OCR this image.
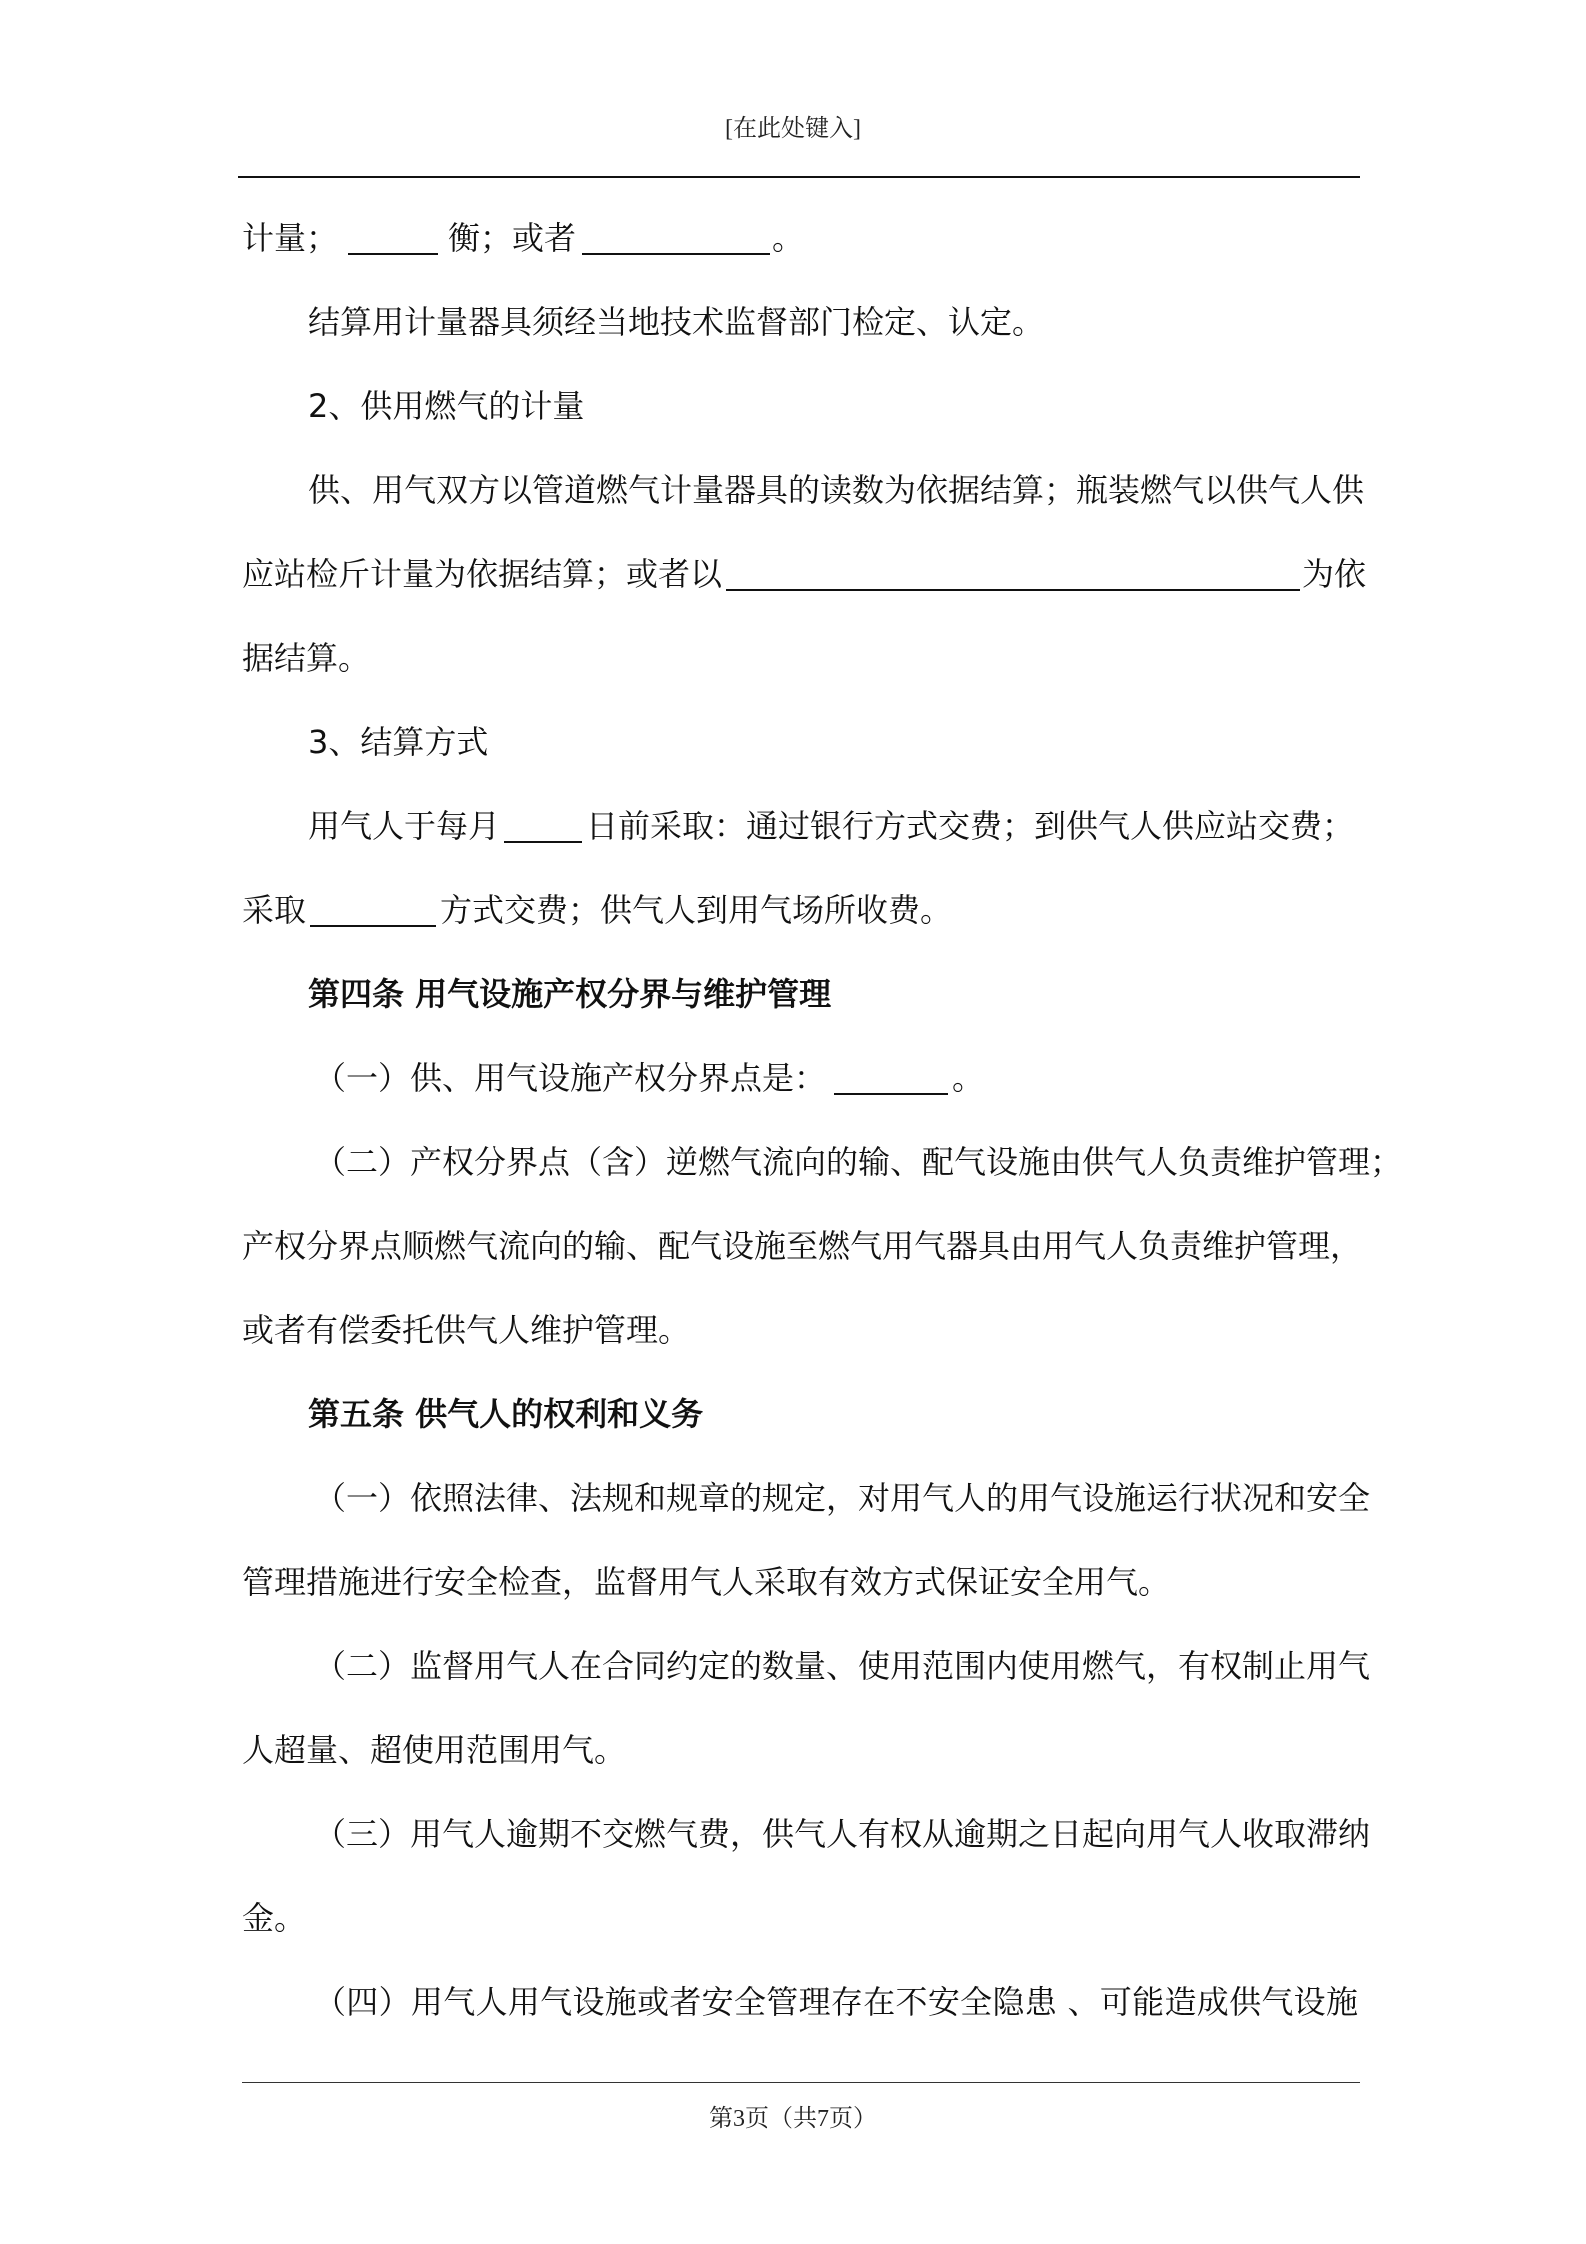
[在此处键入]

计量；	衡；或者	。

结算用计量器具须经当地技术监督部门检定、认定。

2、供用燃气的计量

供、用气双方以管道燃气计量器具的读数为依据结算；瓶装燃气以供气人供

应站检斤计量为依据结算；或者以	为依

据结算。

3、结算方式

用气人于每月	日前采取：通过银行方式交费；到供气人供应站交费；

采取	方式交费；供气人到用气场所收费。

第四条 用气设施产权分界与维护管理

（一）供、用气设施产权分界点是：	。

（二）产权分界点（含）逆燃气流向的输、配气设施由供气人负责维护管理；

产权分界点顺燃气流向的输、配气设施至燃气用气器具由用气人负责维护管理，

或者有偿委托供气人维护管理。

第五条 供气人的权利和义务

（一）依照法律、法规和规章的规定，对用气人的用气设施运行状况和安全

管理措施进行安全检查，监督用气人采取有效方式保证安全用气。

（二）监督用气人在合同约定的数量、使用范围内使用燃气，有权制止用气

人超量、超使用范围用气。

（三）用气人逾期不交燃气费，供气人有权从逾期之日起向用气人收取滞纳

金。

（四）用气人用气设施或者安全管理存在不安全隐患 、可能造成供气设施

第3页（共7页）
